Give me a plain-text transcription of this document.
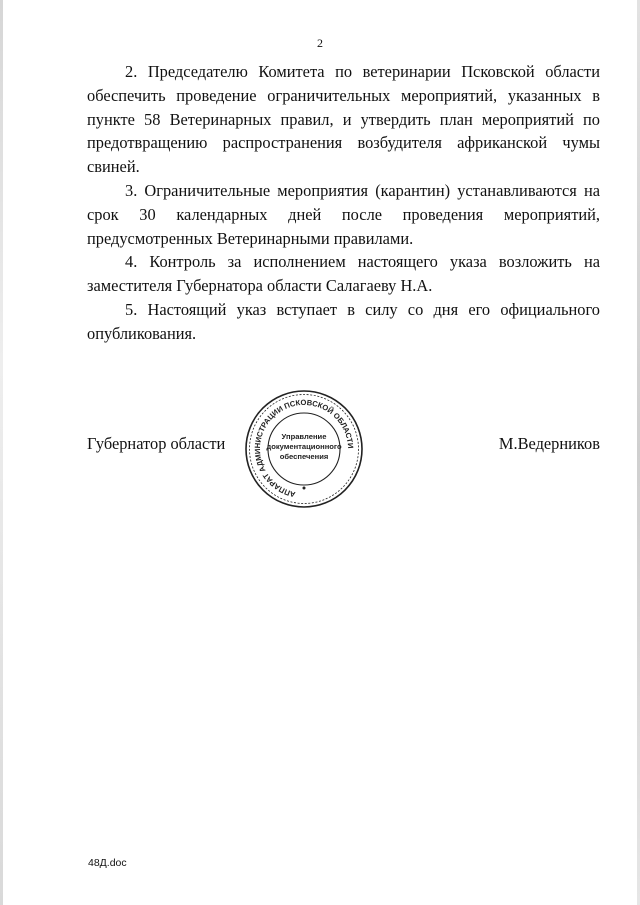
2

2. Председателю Комитета по ветеринарии Псковской области обеспечить проведение ограничительных мероприятий, указанных в пункте 58 Ветеринарных правил, и утвердить план мероприятий по предотвращению распространения возбудителя африканской чумы свиней.

3. Ограничительные мероприятия (карантин) устанавливаются на срок 30 календарных дней после проведения мероприятий, предусмотренных Ветеринарными правилами.

4. Контроль за исполнением настоящего указа возложить на заместителя Губернатора области Салагаеву Н.А.

5. Настоящий указ вступает в силу со дня его официального опубликования.

Губернатор области	М.Ведерников
АППАРАТ АДМИНИСТРАЦИИ ПСКОВСКОЙ ОБЛАСТИ
Управление
документационного
обеспечения
48Д.doc
